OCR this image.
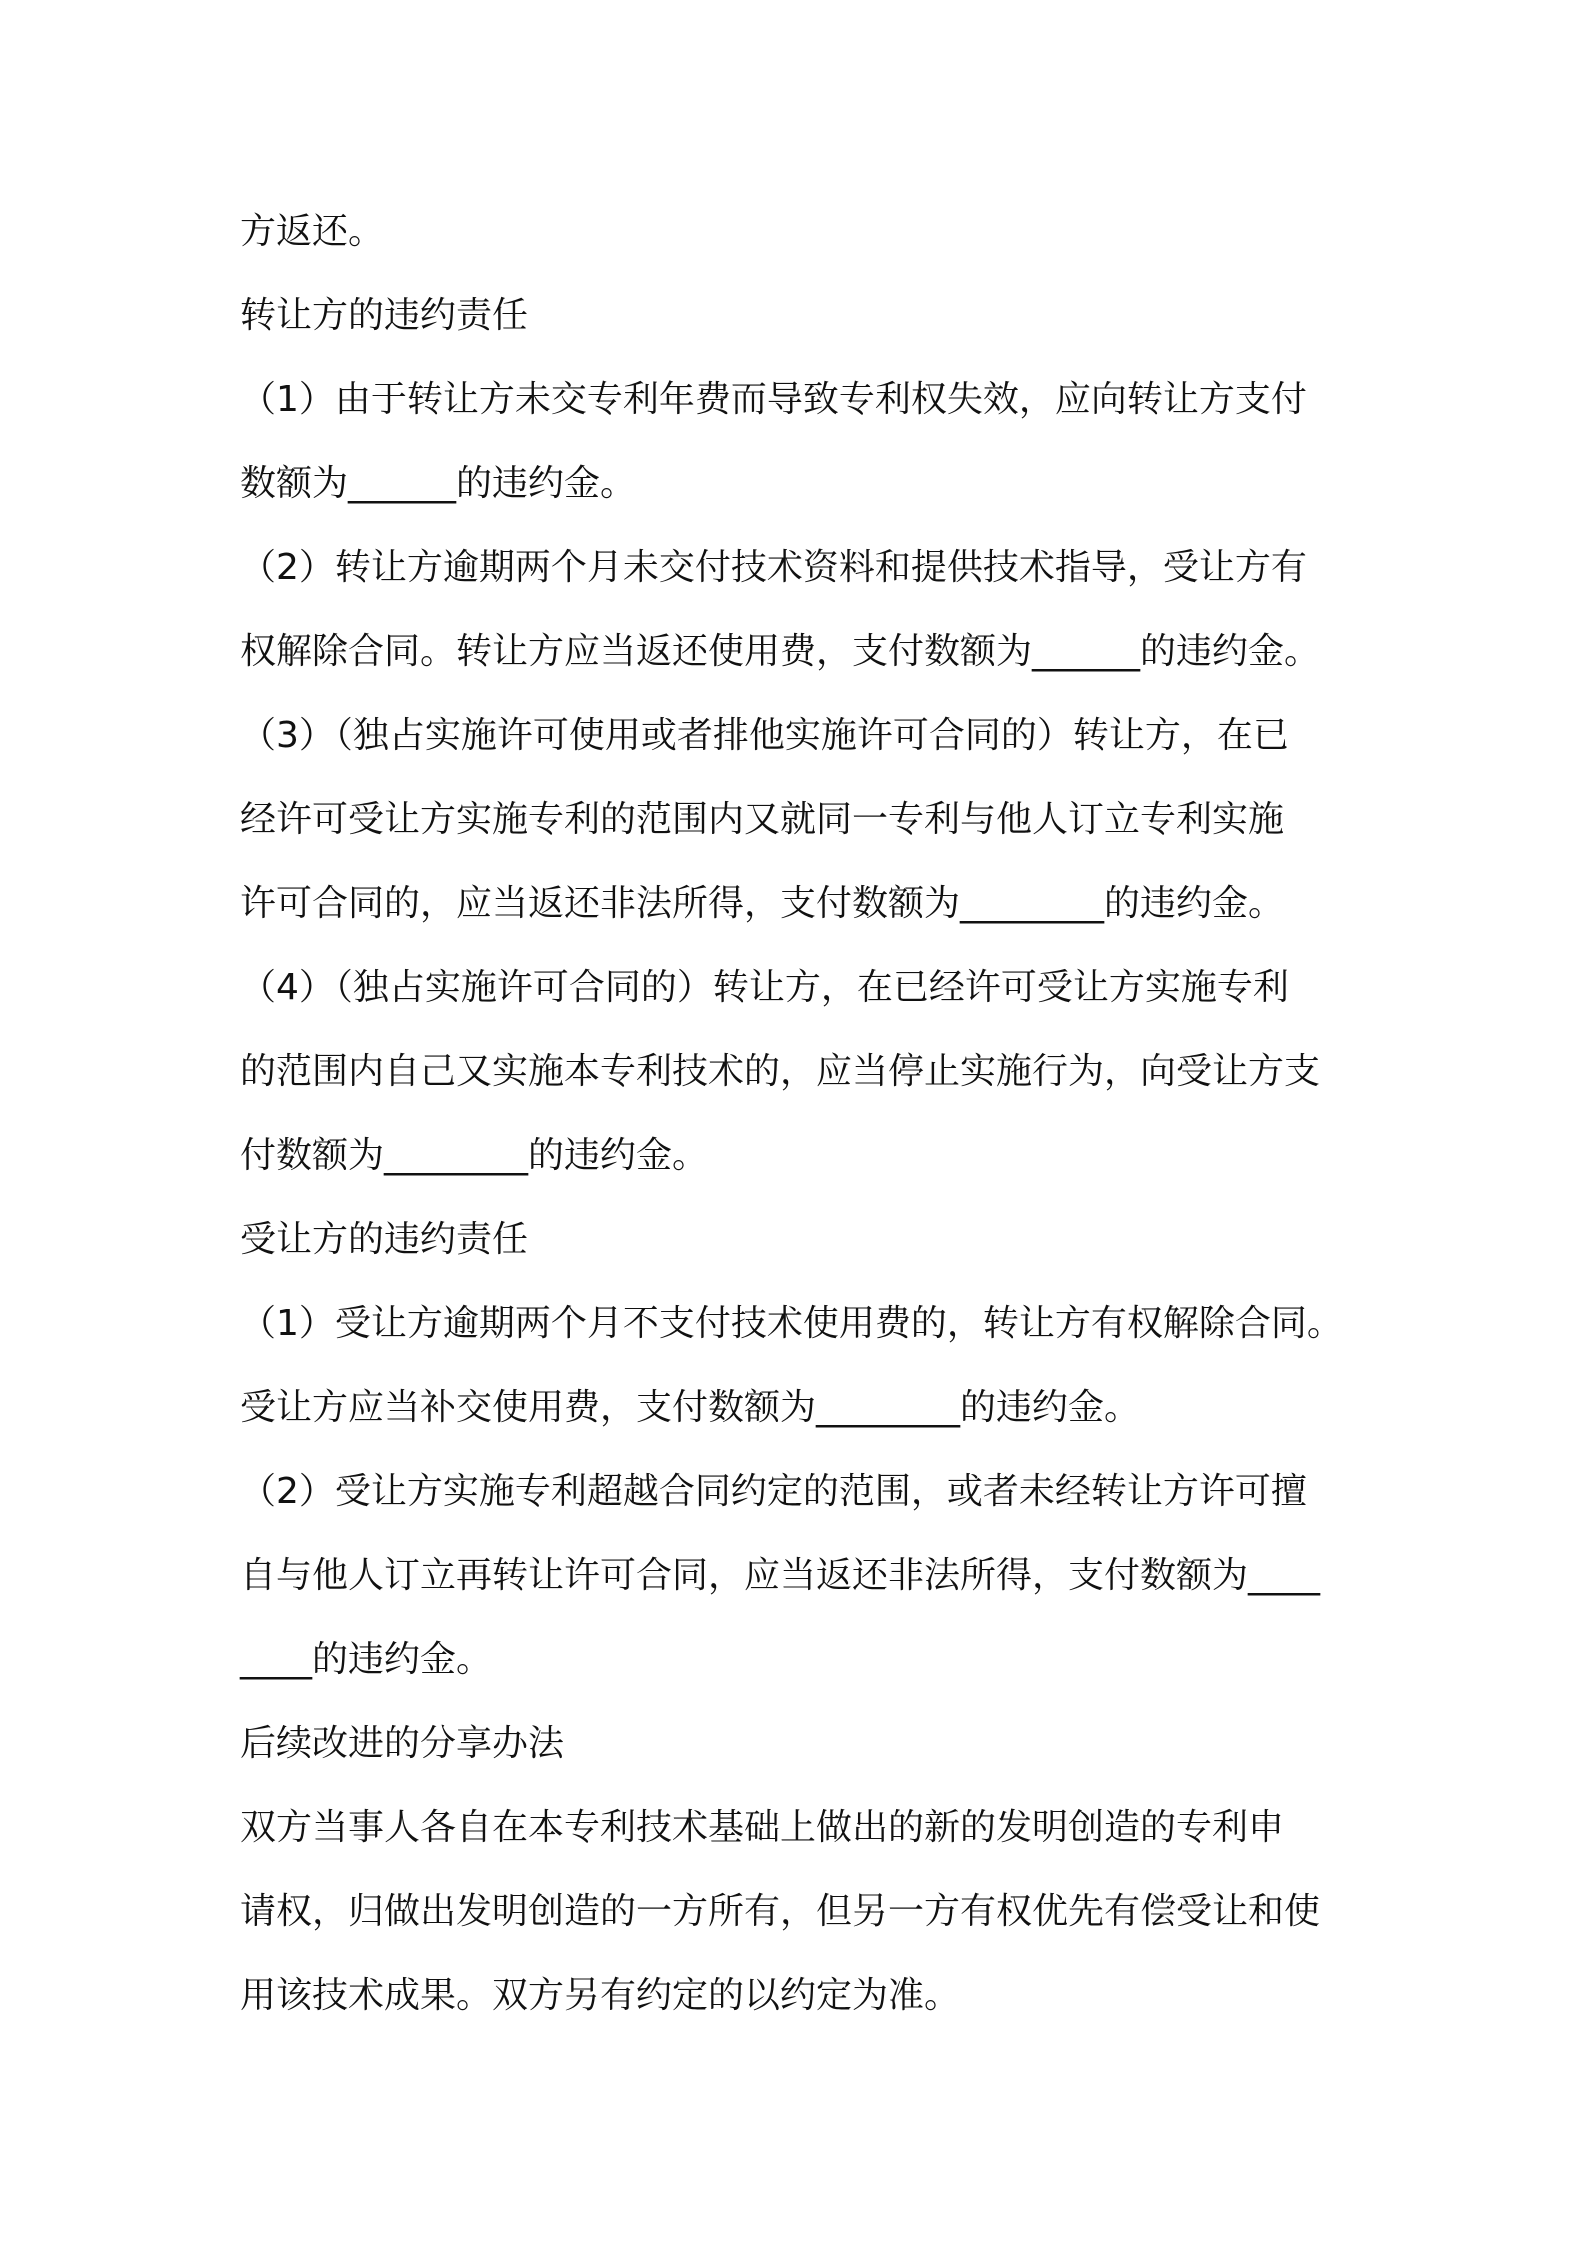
方返还。
转让方的违约责任
（1）由于转让方未交专利年费而导致专利权失效，应向转让方支付
数额为______的违约金。
（2）转让方逾期两个月未交付技术资料和提供技术指导，受让方有
权解除合同。转让方应当返还使用费，支付数额为______的违约金。
（3）（独占实施许可使用或者排他实施许可合同的）转让方，在已
经许可受让方实施专利的范围内又就同一专利与他人订立专利实施
许可合同的，应当返还非法所得，支付数额为________的违约金。
（4）（独占实施许可合同的）转让方，在已经许可受让方实施专利
的范围内自己又实施本专利技术的，应当停止实施行为，向受让方支
付数额为________的违约金。
受让方的违约责任
（1）受让方逾期两个月不支付技术使用费的，转让方有权解除合同。
受让方应当补交使用费，支付数额为________的违约金。
（2）受让方实施专利超越合同约定的范围，或者未经转让方许可擅
自与他人订立再转让许可合同，应当返还非法所得，支付数额为____
____的违约金。
后续改进的分享办法
双方当事人各自在本专利技术基础上做出的新的发明创造的专利申
请权，归做出发明创造的一方所有，但另一方有权优先有偿受让和使
用该技术成果。双方另有约定的以约定为准。
